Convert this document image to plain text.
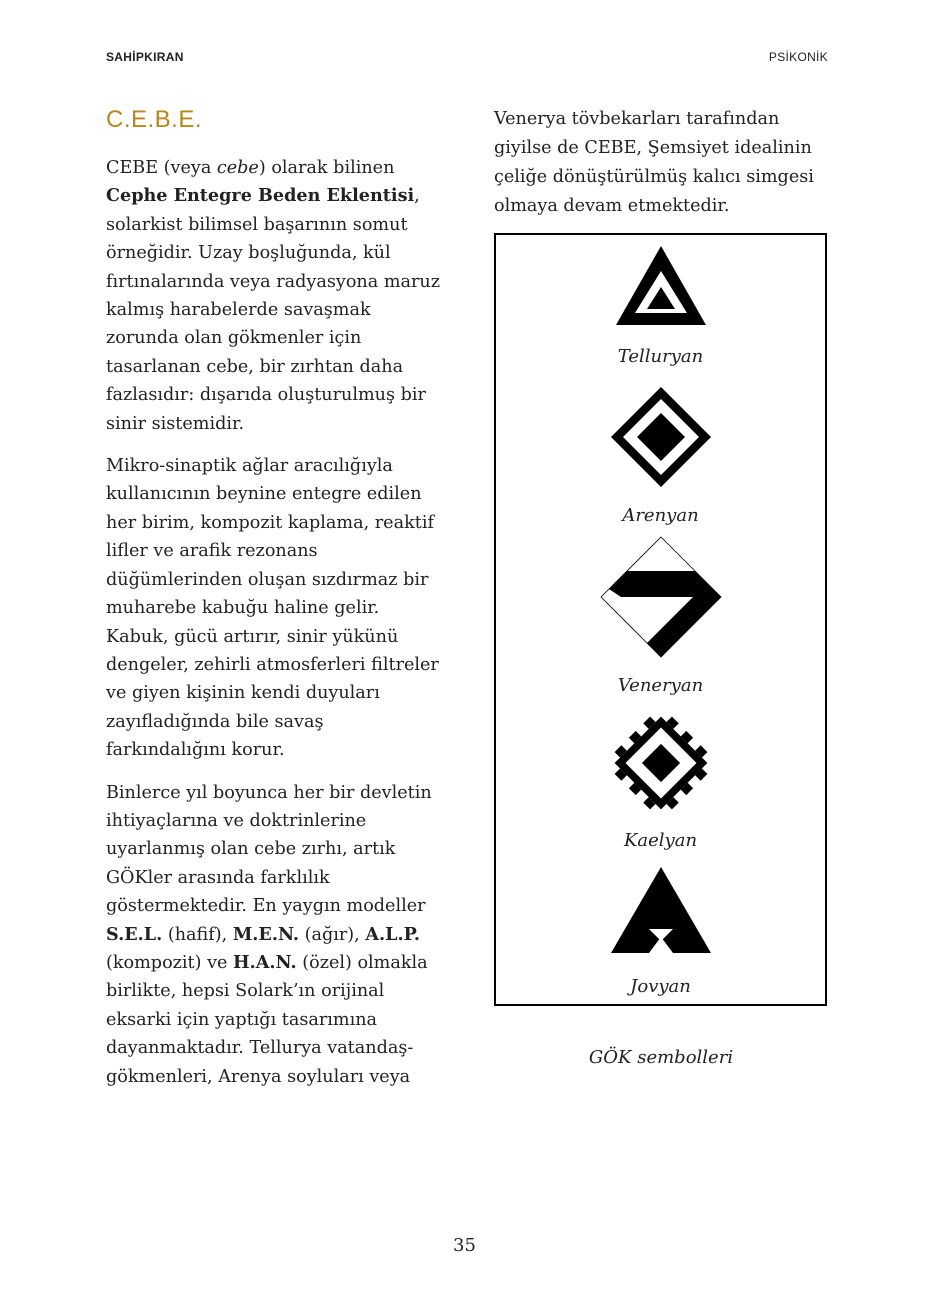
SAHİPKIRAN	PSİKONİK
C.E.B.E.

CEBE (veya cebe) olarak bilinen Cephe Entegre Beden Eklentisi, solarkist bilimsel başarının somut örneğidir. Uzay boşluğunda, kül fırtınalarında veya radyasyona maruz kalmış harabelerde savaşmak zorunda olan gökmenler için tasarlanan cebe, bir zırhtan daha fazlasıdır: dışarıda oluşturulmuş bir sinir sistemidir.

Mikro-sinaptik ağlar aracılığıyla kullanıcının beynine entegre edilen her birim, kompozit kaplama, reaktif lifler ve arafik rezonans düğümlerinden oluşan sızdırmaz bir muharebe kabuğu haline gelir. Kabuk, gücü artırır, sinir yükünü dengeler, zehirli atmosferleri filtreler ve giyen kişinin kendi duyuları zayıfladığında bile savaş farkındalığını korur.

Binlerce yıl boyunca her bir devletin ihtiyaçlarına ve doktrinlerine uyarlanmış olan cebe zırhı, artık GÖKler arasında farklılık göstermektedir. En yaygın modeller S.E.L. (hafif), M.E.N. (ağır), A.L.P. (kompozit) ve H.A.N. (özel) olmakla birlikte, hepsi Solark’ın orijinal eksarki için yaptığı tasarımına dayanmaktadır. Tellurya vatandaş-gökmenleri, Arenya soyluları veya

Venerya tövbekarları tarafından giyilse de CEBE, Şemsiyet idealinin çeliğe dönüştürülmüş kalıcı simgesi olmaya devam etmektedir.

Telluryan
Arenyan
Veneryan
Kaelyan
Jovyan
GÖK sembolleri
35
